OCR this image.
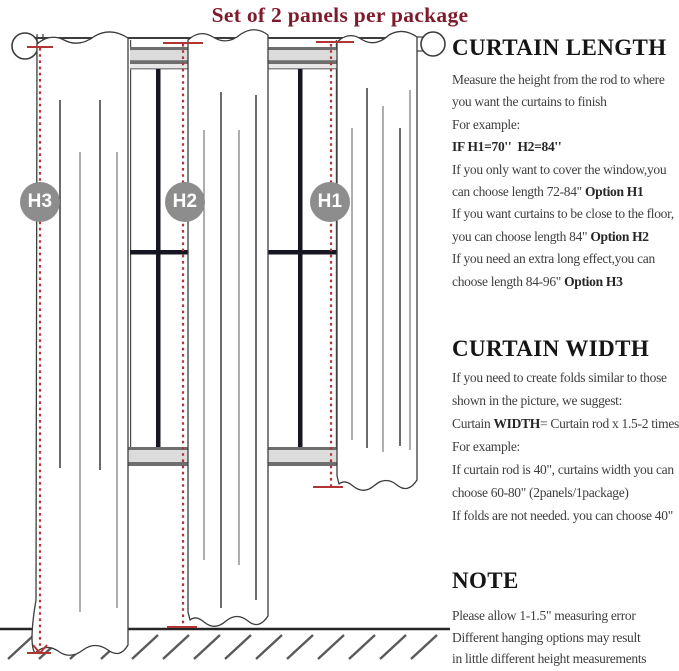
Set of 2 panels per package
H3	H2	H1
CURTAIN LENGTH
Measure the height from the rod to where
you want the curtains to finish
For example:
IF H1=70''  H2=84''
If you only want to cover the window,you
can choose length 72-84" Option H1
If you want curtains to be close to the floor,
you can choose length 84" Option H2
If you need an extra long effect,you can
choose length 84-96" Option H3
CURTAIN WIDTH
If you need to create folds similar to those
shown in the picture, we suggest:
Curtain WIDTH= Curtain rod x 1.5-2 times
For example:
If curtain rod is 40", curtains width you can
choose 60-80" (2panels/1package)
If folds are not needed. you can choose 40"
NOTE
Please allow 1-1.5" measuring error
Different hanging options may result
in little different height measurements
